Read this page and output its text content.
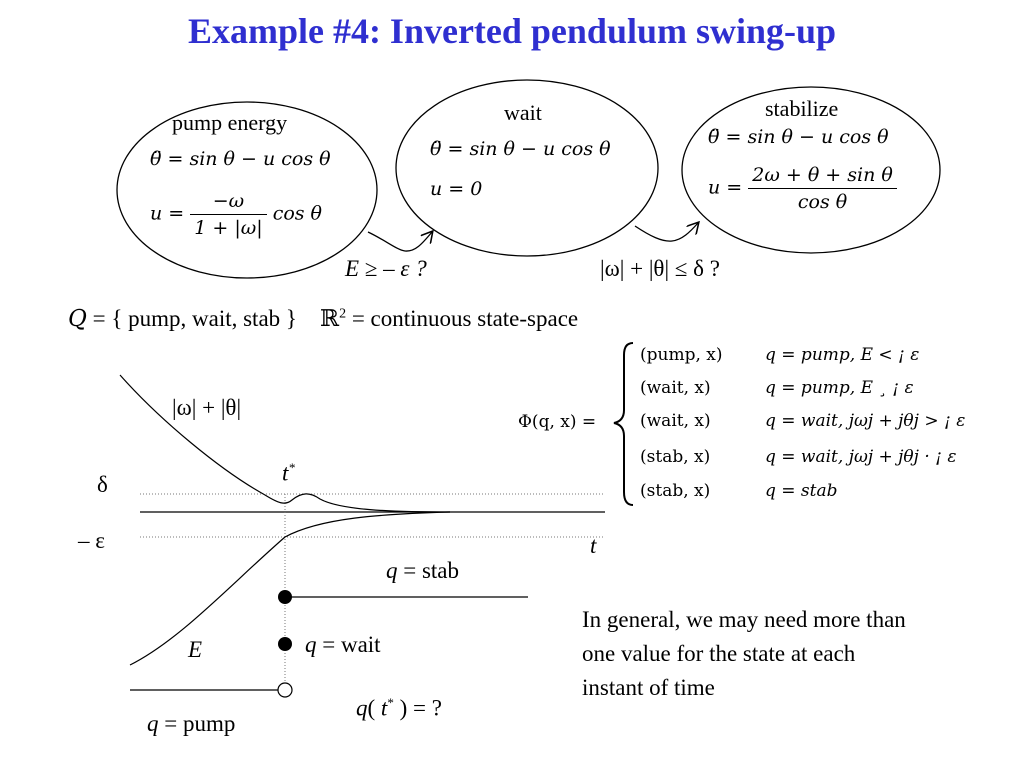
Example #4: Inverted pendulum swing-up
pump energy
θ̈ = sin θ − u cos θ
$u = \frac{-\omega}{1 + |\omega|}$ cos θ
wait
θ̈ = sin θ − u cos θ
u = 0
stabilize
θ̈ = sin θ − u cos θ
$u = \frac{\text{2ω + θ + sin θ}}{\text{cos θ}}$
E ≥ – ε ?	|ω| + |θ| ≤ δ ?
Q = { pump, wait, stab } ℝ$^2$ = continuous state-space
Φ(q, x) =
(pump, x)	q = pump, E < ¡ ε
(wait, x)	q = pump, E ¸ ¡ ε
(wait, x)	q = wait, jωj + jθj > ¡ ε
(stab, x)	q = wait, jωj + jθj · ¡ ε
(stab, x)	q = stab
|ω| + |θ|
t*
δ
– ε	t
E
q = stab
q = wait
q = pump
q( t* ) = ?
In general, we may need more than one value for the state at each instant of time
